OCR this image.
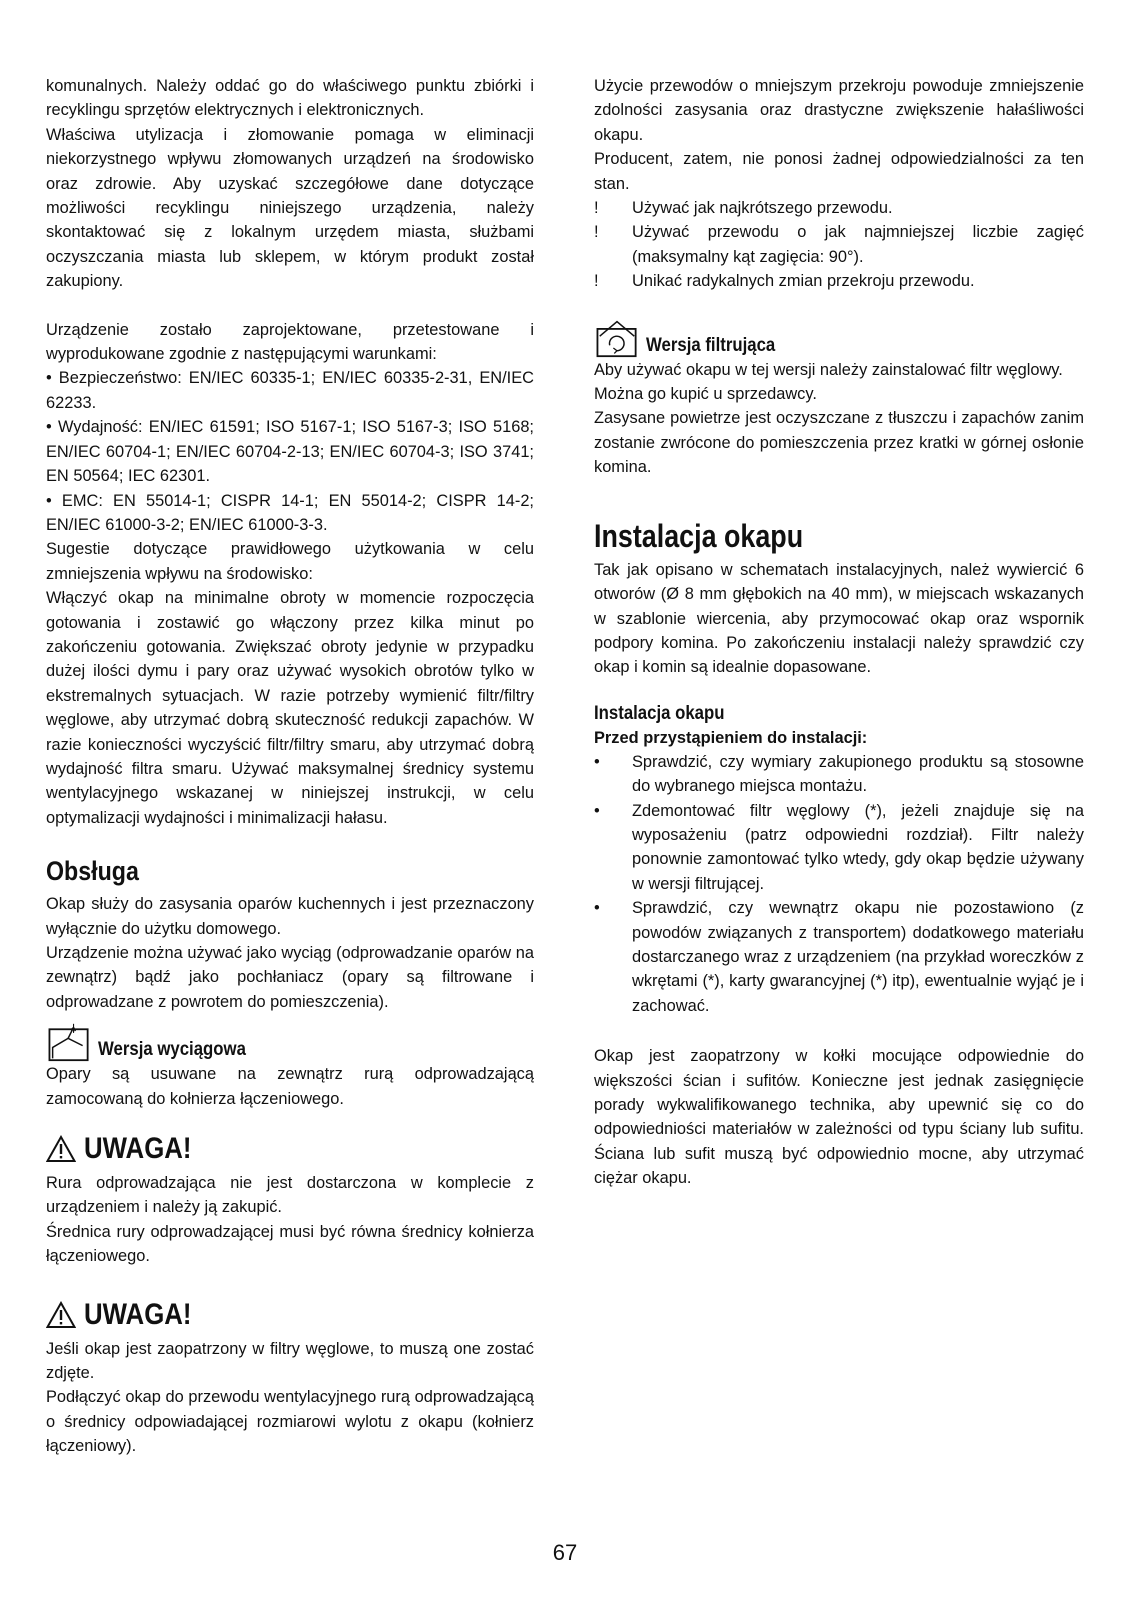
komunalnych. Należy oddać go do właściwego punktu zbiórki i recyklingu sprzętów elektrycznych i elektronicznych.

Właściwa utylizacja i złomowanie pomaga w eliminacji niekorzystnego wpływu złomowanych urządzeń na środowisko oraz zdrowie. Aby uzyskać szczegółowe dane dotyczące możliwości recyklingu niniejszego urządzenia, należy skontaktować się z lokalnym urzędem miasta, służbami oczyszczania miasta lub sklepem, w którym produkt został zakupiony.

Urządzenie zostało zaprojektowane, przetestowane i wyprodukowane zgodnie z następującymi warunkami:

• Bezpieczeństwo: EN/IEC 60335-1; EN/IEC 60335-2-31, EN/IEC 62233.

• Wydajność: EN/IEC 61591; ISO 5167-1; ISO 5167-3; ISO 5168; EN/IEC 60704-1; EN/IEC 60704-2-13; EN/IEC 60704-3; ISO 3741; EN 50564; IEC 62301.

• EMC: EN 55014-1; CISPR 14-1; EN 55014-2; CISPR 14-2; EN/IEC 61000-3-2; EN/IEC 61000-3-3.

Sugestie dotyczące prawidłowego użytkowania w celu zmniejszenia wpływu na środowisko:

Włączyć okap na minimalne obroty w momencie rozpoczęcia gotowania i zostawić go włączony przez kilka minut po zakończeniu gotowania. Zwiększać obroty jedynie w przypadku dużej ilości dymu i pary oraz używać wysokich obrotów tylko w ekstremalnych sytuacjach. W razie potrzeby wymienić filtr/filtry węglowe, aby utrzymać dobrą skuteczność redukcji zapachów. W razie konieczności wyczyścić filtr/filtry smaru, aby utrzymać dobrą wydajność filtra smaru. Używać maksymalnej średnicy systemu wentylacyjnego wskazanej w niniejszej instrukcji, w celu optymalizacji wydajności i minimalizacji hałasu.

Obsługa

Okap służy do zasysania oparów kuchennych i jest przeznaczony wyłącznie do użytku domowego.

Urządzenie można używać jako wyciąg (odprowadzanie oparów na zewnątrz) bądź jako pochłaniacz (opary są filtrowane i odprowadzane z powrotem do pomieszczenia).

Wersja wyciągowa

Opary są usuwane na zewnątrz rurą odprowadzającą zamocowaną do kołnierza łączeniowego.

UWAGA!

Rura odprowadzająca nie jest dostarczona w komplecie z urządzeniem i należy ją zakupić.

Średnica rury odprowadzającej musi być równa średnicy kołnierza łączeniowego.

UWAGA!

Jeśli okap jest zaopatrzony w filtry węglowe, to muszą one zostać zdjęte.

Podłączyć okap do przewodu wentylacyjnego rurą odprowadzającą o średnicy odpowiadającej rozmiarowi wylotu z okapu (kołnierz łączeniowy).

Użycie przewodów o mniejszym przekroju powoduje zmniejszenie zdolności zasysania oraz drastyczne zwiększenie hałaśliwości okapu.

Producent, zatem, nie ponosi żadnej odpowiedzialności za ten stan.

!	Używać jak najkrótszego przewodu.
!	Używać przewodu o jak najmniejszej liczbie zagięć (maksymalny kąt zagięcia: 90°).
!	Unikać radykalnych zmian przekroju przewodu.
Wersja filtrująca

Aby używać okapu w tej wersji należy zainstalować filtr węglowy.

Można go kupić u sprzedawcy.

Zasysane powietrze jest oczyszczane z tłuszczu i zapachów zanim zostanie zwrócone do pomieszczenia przez kratki w górnej osłonie komina.

Instalacja okapu

Tak jak opisano w schematach instalacyjnych, należ wywiercić 6 otworów (Ø 8 mm głębokich na 40 mm), w miejscach wskazanych w szablonie wiercenia, aby przymocować okap oraz wspornik podpory komina. Po zakończeniu instalacji należy sprawdzić czy okap i komin są idealnie dopasowane.

Instalacja okapu
Przed przystąpieniem do instalacji:
•	Sprawdzić, czy wymiary zakupionego produktu są stosowne do wybranego miejsca montażu.
•	Zdemontować filtr węglowy (*), jeżeli znajduje się na wyposażeniu (patrz odpowiedni rozdział). Filtr należy ponownie zamontować tylko wtedy, gdy okap będzie używany w wersji filtrującej.
•	Sprawdzić, czy wewnątrz okapu nie pozostawiono (z powodów związanych z transportem) dodatkowego materiału dostarczanego wraz z urządzeniem (na przykład woreczków z wkrętami (*), karty gwarancyjnej (*) itp), ewentualnie wyjąć je i zachować.

Okap jest zaopatrzony w kołki mocujące odpowiednie do większości ścian i sufitów. Konieczne jest jednak zasięgnięcie porady wykwalifikowanego technika, aby upewnić się co do odpowiedniości materiałów w zależności od typu ściany lub sufitu. Ściana lub sufit muszą być odpowiednio mocne, aby utrzymać ciężar okapu.

67
